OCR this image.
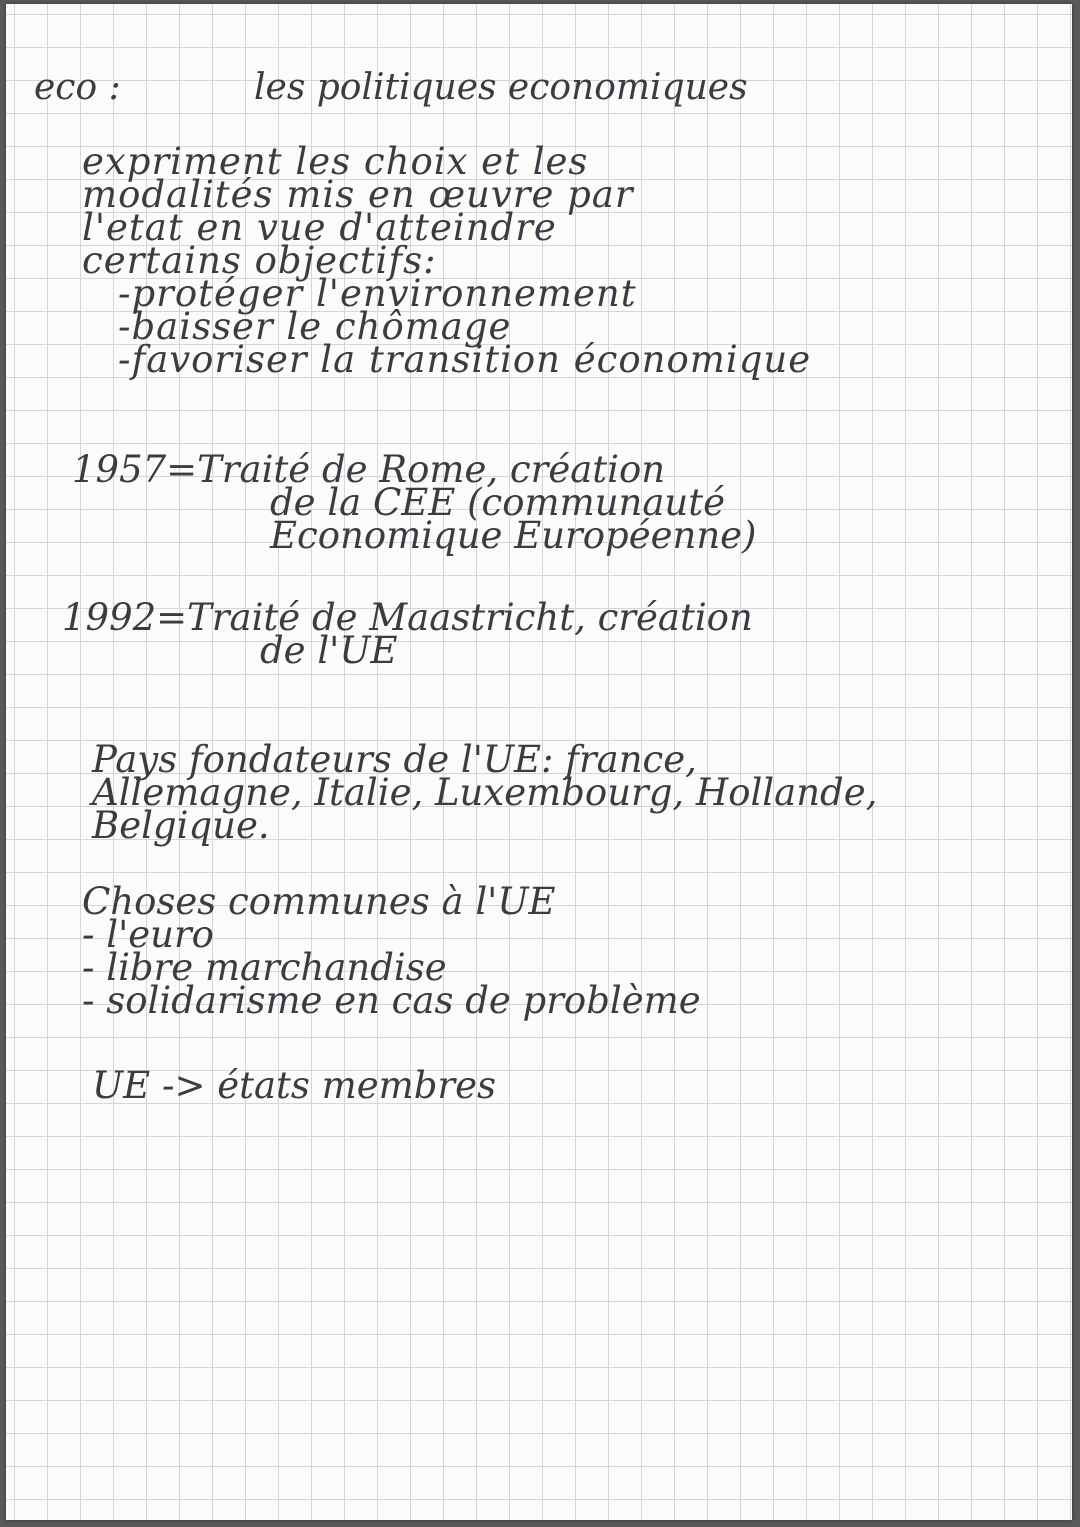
eco :	les politiques economiques
expriment les choix et les
modalités mis en œuvre par
l'etat en vue d'atteindre
certains objectifs:
-protéger l'environnement
-baisser le chômage
-favoriser la transition économique
1957=Traité de Rome, création
de la CEE (communauté
Economique Européenne)
1992=Traité de Maastricht, création
de l'UE
Pays fondateurs de l'UE: france,
Allemagne, Italie, Luxembourg, Hollande,
Belgique.
Choses communes à l'UE
- l'euro
- libre marchandise
- solidarisme en cas de problème
UE -> états membres
